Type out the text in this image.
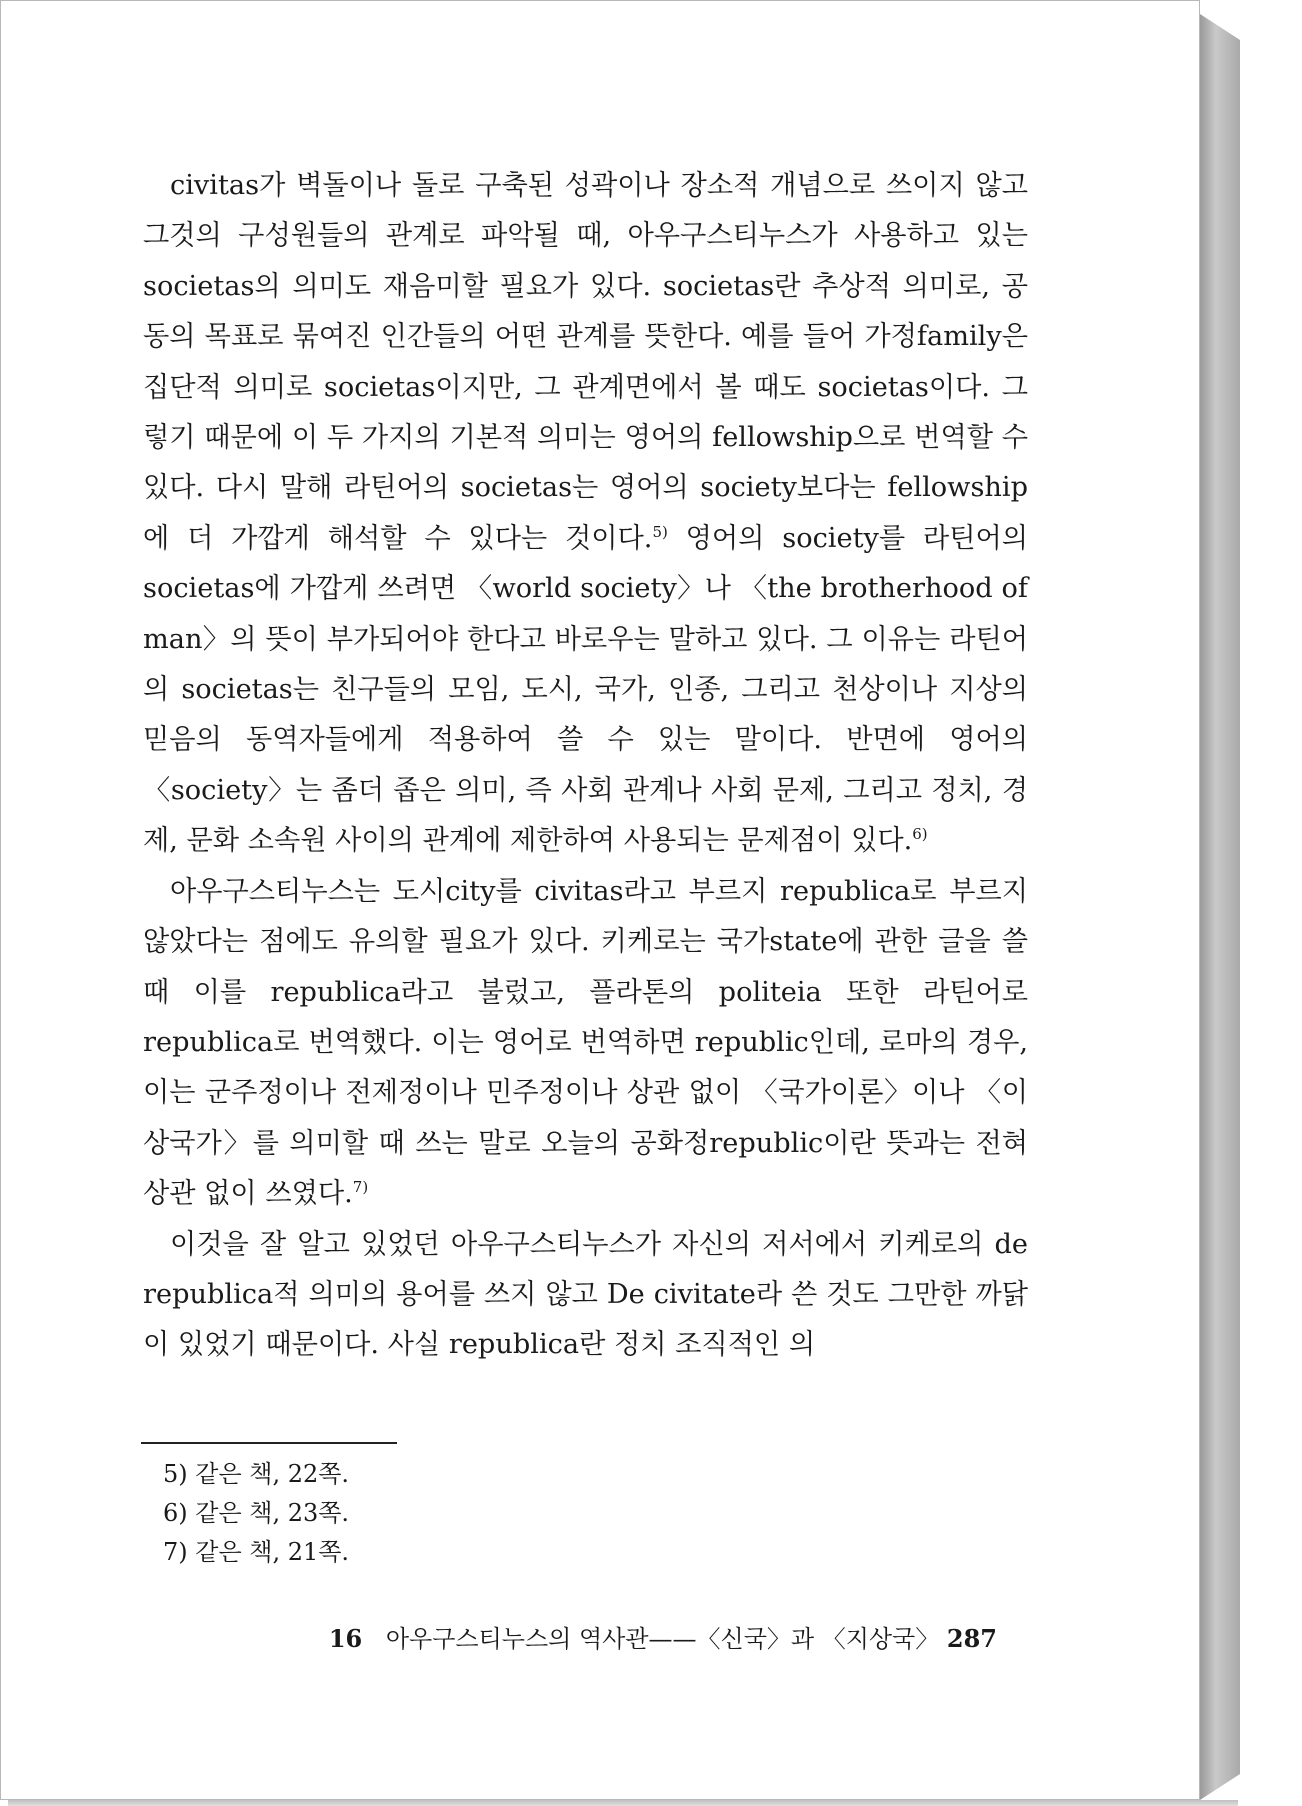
civitas가 벽돌이나 돌로 구축된 성곽이나 장소적 개념으로 쓰이지 않고 그것의 구성원들의 관계로 파악될 때, 아우구스티누스가 사용하고 있는 societas의 의미도 재음미할 필요가 있다. societas란 추상적 의미로, 공동의 목표로 묶여진 인간들의 어떤 관계를 뜻한다. 예를 들어 가정family은 집단적 의미로 societas이지만, 그 관계면에서 볼 때도 societas이다. 그렇기 때문에 이 두 가지의 기본적 의미는 영어의 fellowship으로 번역할 수 있다. 다시 말해 라틴어의 societas는 영어의 society보다는 fellowship에 더 가깝게 해석할 수 있다는 것이다.$^{5)}$ 영어의 society를 라틴어의 societas에 가깝게 쓰려면 〈world society〉나 〈the brotherhood of man〉의 뜻이 부가되어야 한다고 바로우는 말하고 있다. 그 이유는 라틴어의 societas는 친구들의 모임, 도시, 국가, 인종, 그리고 천상이나 지상의 믿음의 동역자들에게 적용하여 쓸 수 있는 말이다. 반면에 영어의 〈society〉는 좀더 좁은 의미, 즉 사회 관계나 사회 문제, 그리고 정치, 경제, 문화 소속원 사이의 관계에 제한하여 사용되는 문제점이 있다.$^{6)}$

아우구스티누스는 도시city를 civitas라고 부르지 republica로 부르지 않았다는 점에도 유의할 필요가 있다. 키케로는 국가state에 관한 글을 쓸 때 이를 republica라고 불렀고, 플라톤의 politeia 또한 라틴어로 republica로 번역했다. 이는 영어로 번역하면 republic인데, 로마의 경우, 이는 군주정이나 전제정이나 민주정이나 상관 없이 〈국가이론〉이나 〈이상국가〉를 의미할 때 쓰는 말로 오늘의 공화정republic이란 뜻과는 전혀 상관 없이 쓰였다.$^{7)}$

이것을 잘 알고 있었던 아우구스티누스가 자신의 저서에서 키케로의 de republica적 의미의 용어를 쓰지 않고 De civitate라 쓴 것도 그만한 까닭이 있었기 때문이다. 사실 republica란 정치 조직적인 의

5) 같은 책, 22쪽.
6) 같은 책, 23쪽.
7) 같은 책, 21쪽.
16 아우구스티누스의 역사관——〈신국〉과 〈지상국〉 287
